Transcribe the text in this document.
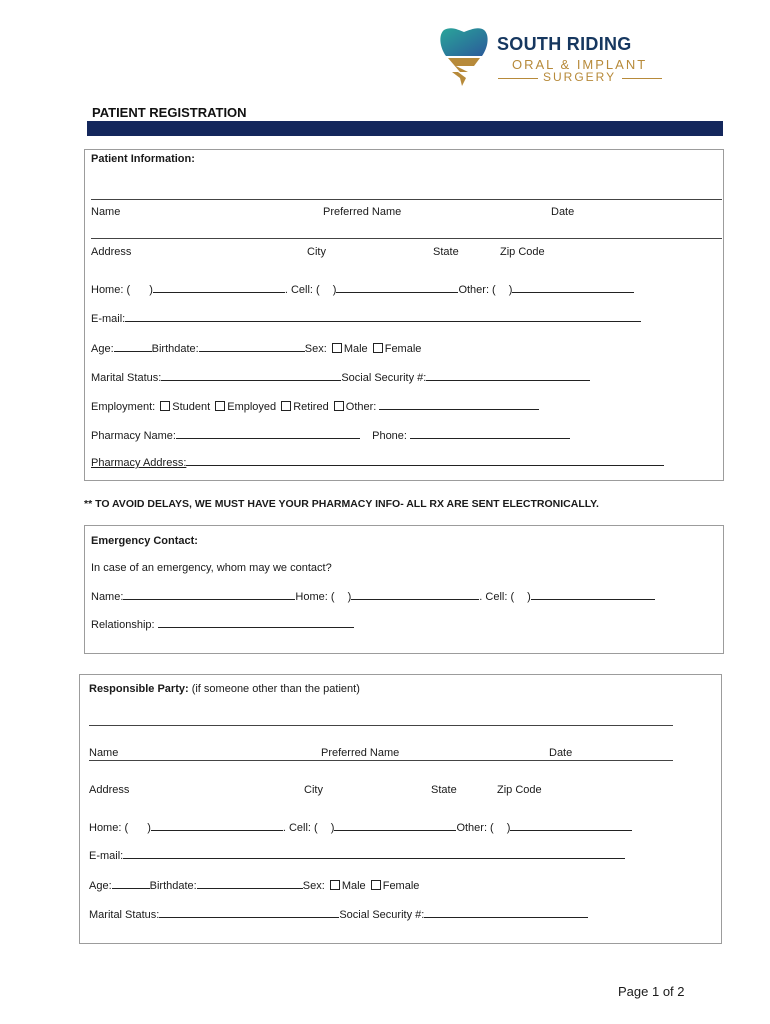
SOUTH RIDING
ORAL & IMPLANT
SURGERY
PATIENT REGISTRATION
Patient Information:
Name	Preferred Name	Date
Address	City	State	Zip Code
Home: ( )	. Cell: ( )	Other: ( )
E-mail:
Age:	Birthdate:	Sex: Male Female
Marital Status:	Social Security #:
Employment: Student Employed Retired Other:
Pharmacy Name:	Phone:
Pharmacy Address:
** TO AVOID DELAYS, WE MUST HAVE YOUR PHARMACY INFO- ALL RX ARE SENT ELECTRONICALLY.
Emergency Contact:
In case of an emergency, whom may we contact?
Name:	Home: ( )	. Cell: ( )
Relationship:
Responsible Party: (if someone other than the patient)
Name	Preferred Name	Date
Address	City	State	Zip Code
Home: ( )	. Cell: ( )	Other: ( )
E-mail:
Age:	Birthdate:	Sex: Male Female
Marital Status:	Social Security #:
Page 1 of 2
